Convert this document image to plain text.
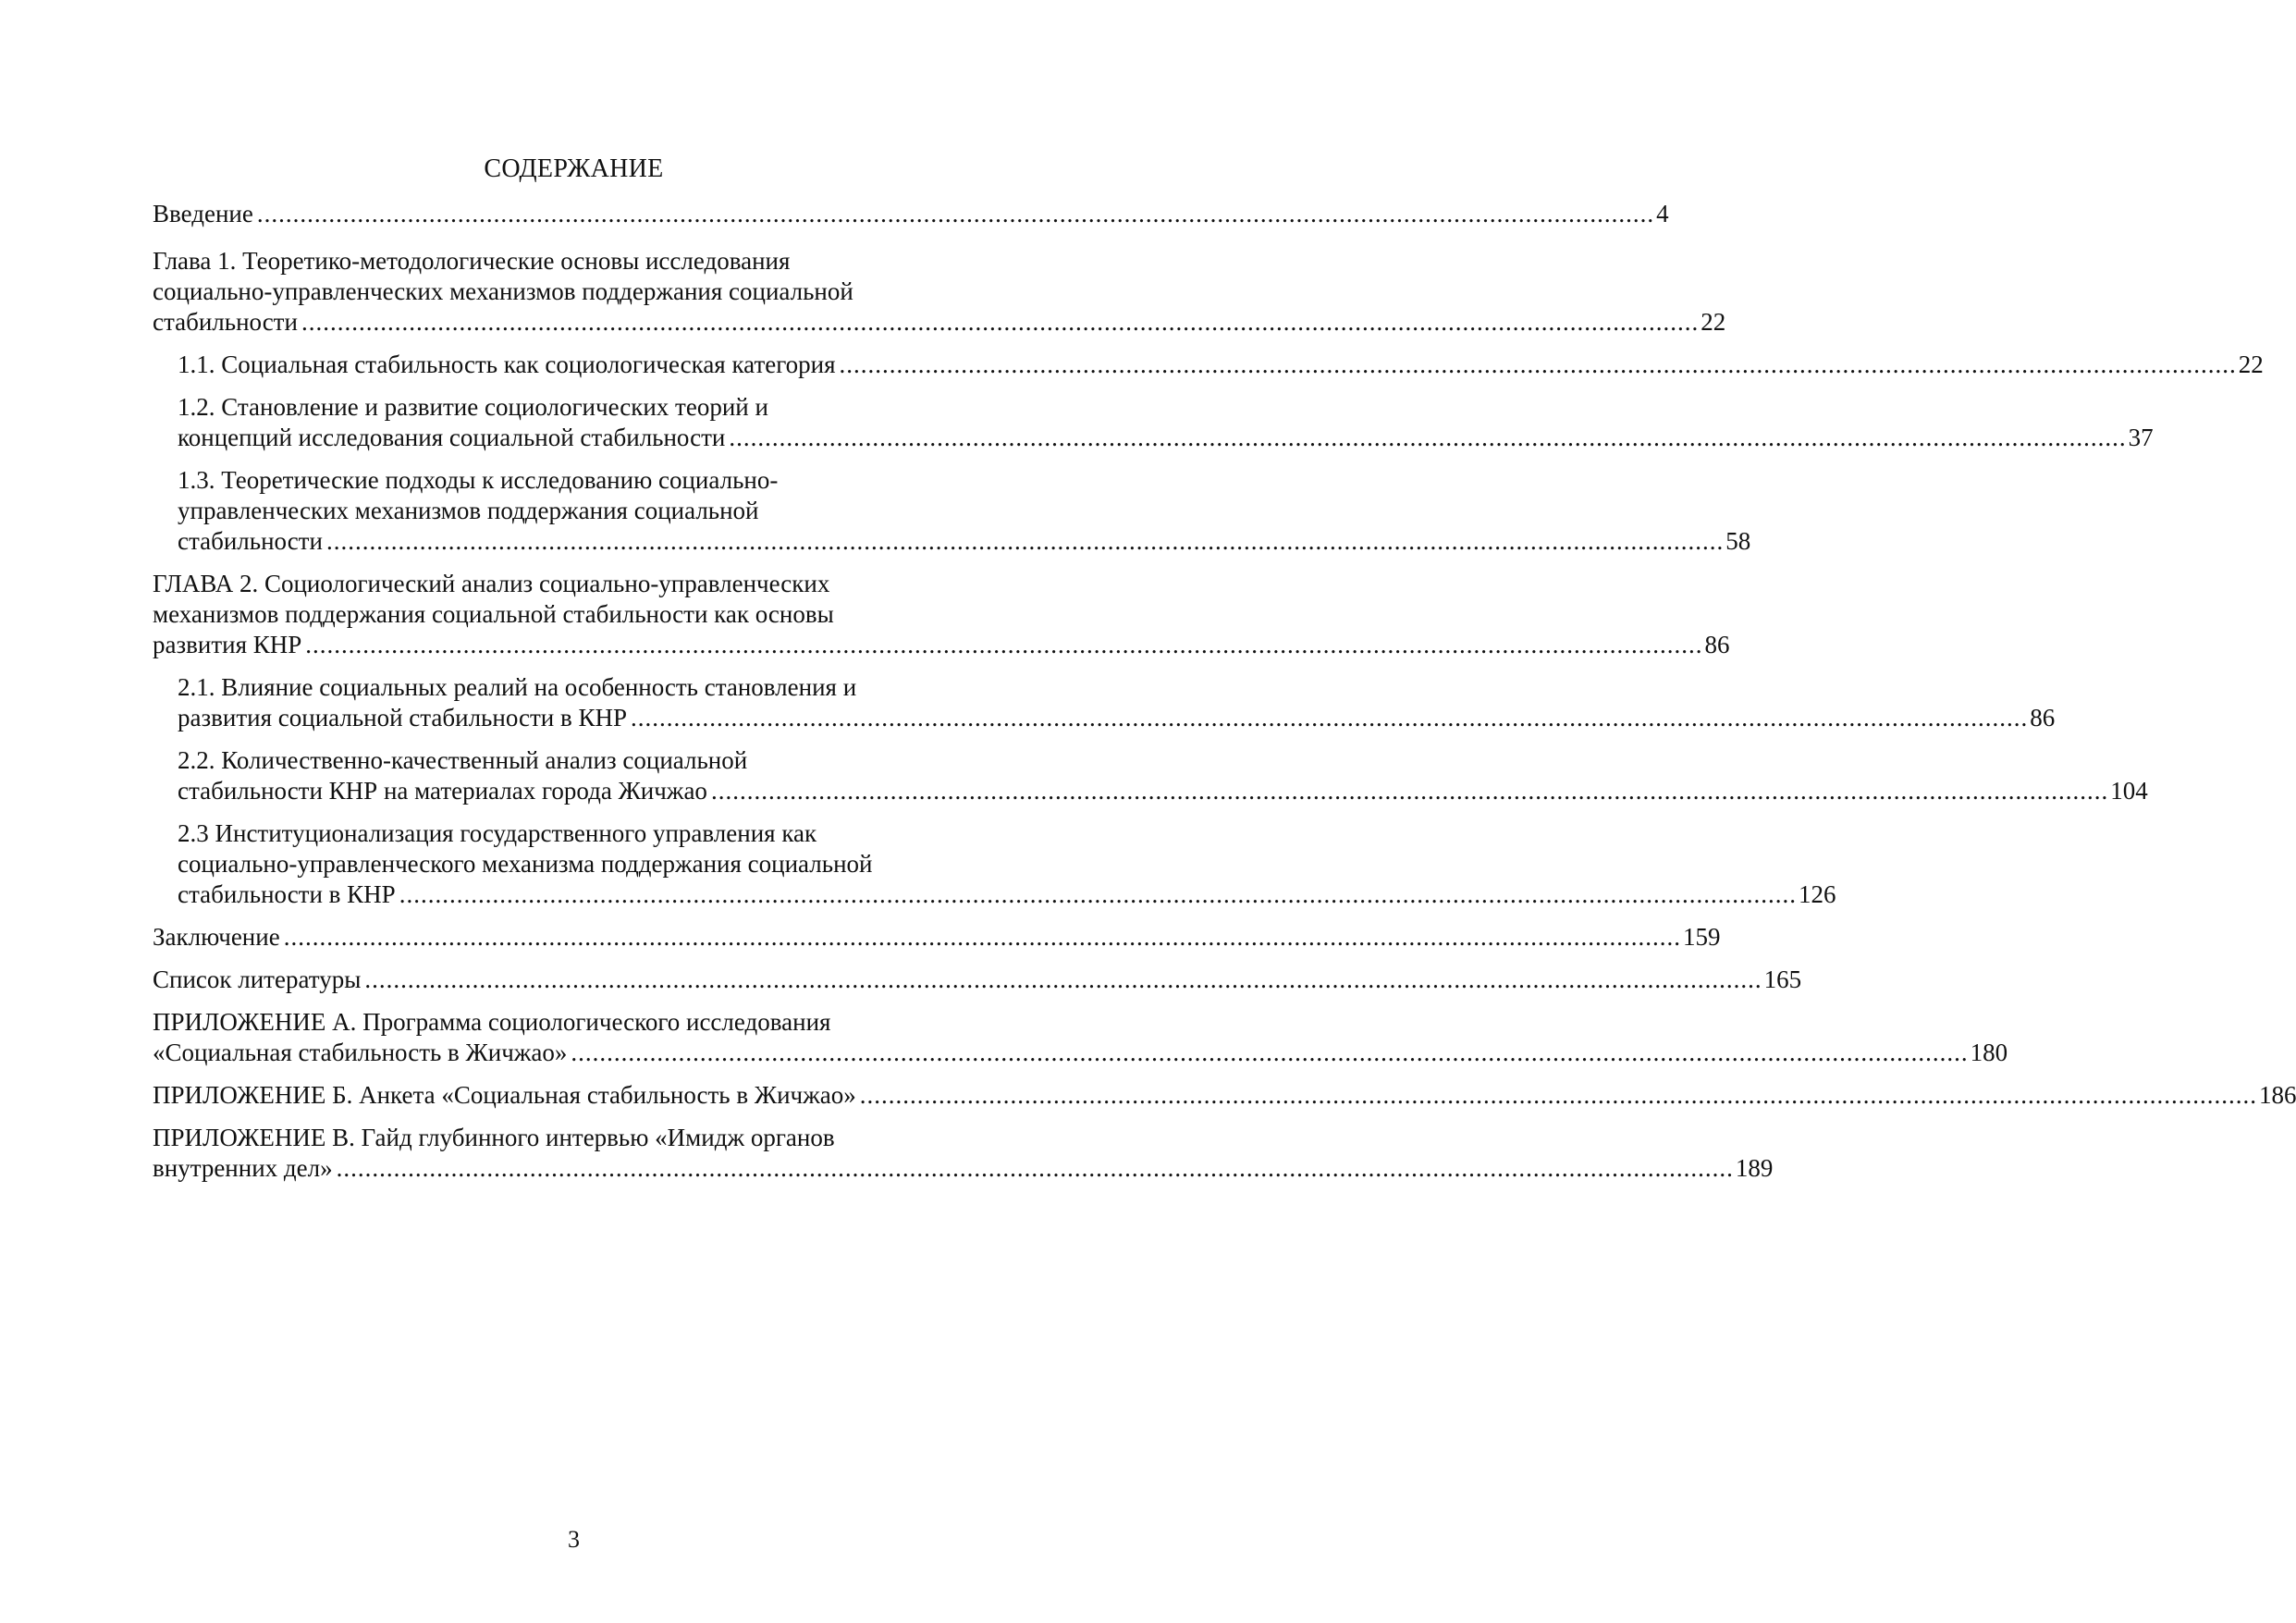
СОДЕРЖАНИЕ
Введение ................................................................................................................................................................................................... 4
Глава 1. Теоретико-методологические основы исследования
социально-управленческих механизмов поддержания социальной
стабильности ................................................................................................................................................................................................... 22
1.1. Социальная стабильность как социологическая категория ................................................................................................................................................................................................... 22
1.2. Становление и развитие социологических теорий и
концепций исследования социальной стабильности ................................................................................................................................................................................................... 37
1.3. Теоретические подходы к исследованию социально-
управленческих механизмов поддержания социальной
стабильности ................................................................................................................................................................................................... 58
ГЛАВА 2. Социологический анализ социально-управленческих
механизмов поддержания социальной стабильности как основы
развития КНР ................................................................................................................................................................................................... 86
2.1. Влияние социальных реалий на особенность становления и
развития социальной стабильности в КНР ................................................................................................................................................................................................... 86
2.2. Количественно-качественный анализ социальной
стабильности КНР на материалах города Жичжао ................................................................................................................................................................................................... 104
2.3 Институционализация государственного управления как
социально-управленческого механизма поддержания социальной
стабильности в КНР ................................................................................................................................................................................................... 126
Заключение ................................................................................................................................................................................................... 159
Список литературы ................................................................................................................................................................................................... 165
ПРИЛОЖЕНИЕ А. Программа социологического исследования
«Социальная стабильность в Жичжао» ................................................................................................................................................................................................... 180
ПРИЛОЖЕНИЕ Б. Анкета «Социальная стабильность в Жичжао» ................................................................................................................................................................................................... 186
ПРИЛОЖЕНИЕ В. Гайд глубинного интервью «Имидж органов
внутренних дел» ................................................................................................................................................................................................... 189
3
